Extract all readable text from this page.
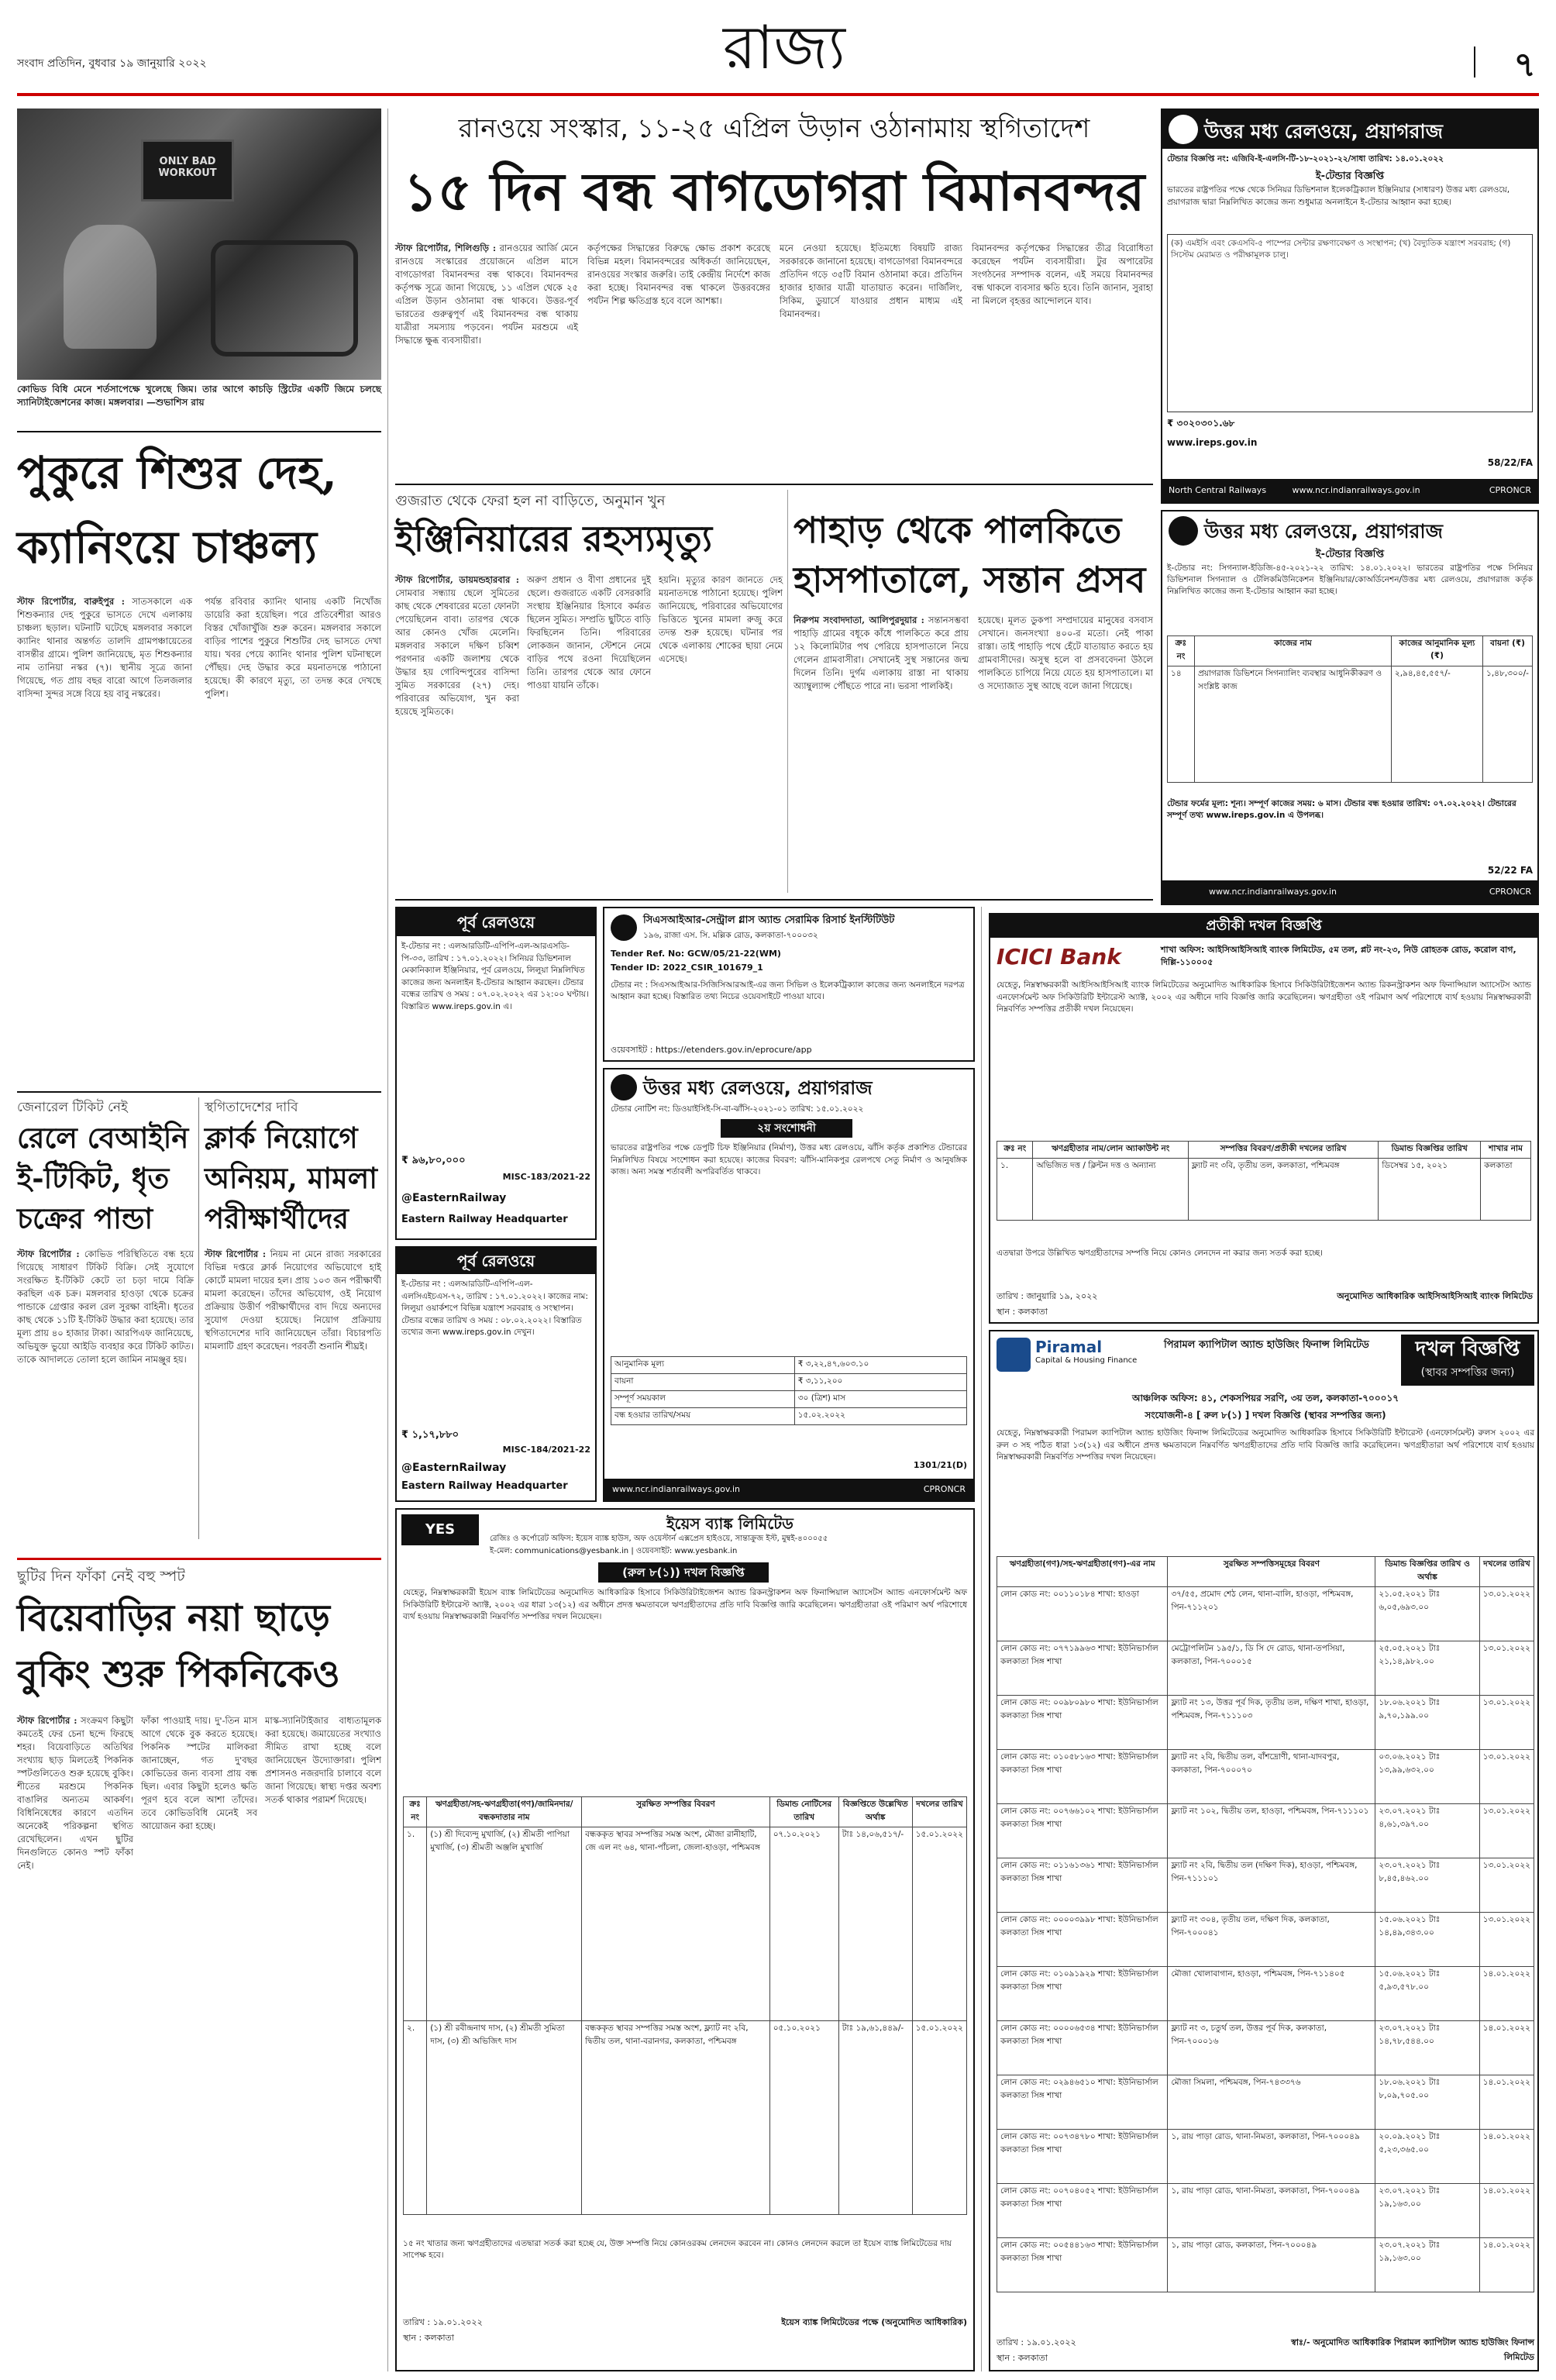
সংবাদ প্রতিদিন, বুধবার ১৯ জানুয়ারি ২০২২	রাজ্য	৭
ONLY BAD
WORKOUT
কোভিড বিধি মেনে শর্তসাপেক্ষে খুলেছে জিম। তার আগে কাচড়ি স্ট্রিটের একটি জিমে চলছে স্যানিটাইজেশনের কাজ। মঙ্গলবার। —শুভাশিস রায়
পুকুরে শিশুর দেহ, ক্যানিংয়ে চাঞ্চল্য
স্টাফ রিপোর্টার, বারুইপুর : সাতসকালে এক শিশুকন্যার দেহ পুকুরে ভাসতে দেখে এলাকায় চাঞ্চল্য ছড়াল। ঘটনাটি ঘটেছে মঙ্গলবার সকালে ক্যানিং থানার অন্তর্গত তালদি গ্রামপঞ্চায়েতের বাসন্তীর গ্রামে। পুলিশ জানিয়েছে, মৃত শিশুকন্যার নাম তানিয়া নস্কর (৭)। স্থানীয় সূত্রে জানা গিয়েছে, গত প্রায় বছর বারো আগে তিলজলার বাসিন্দা সুন্দর সঙ্গে বিয়ে হয় বাবু নস্করের।
পর্যন্ত রবিবার ক্যানিং থানায় একটি নিখোঁজ ডায়েরি করা হয়েছিল। পরে প্রতিবেশীরা আরও বিস্তর খোঁজাখুঁজি শুরু করেন। মঙ্গলবার সকালে বাড়ির পাশের পুকুরে শিশুটির দেহ ভাসতে দেখা যায়। খবর পেয়ে ক্যানিং থানার পুলিশ ঘটনাস্থলে পৌঁছয়। দেহ উদ্ধার করে ময়নাতদন্তে পাঠানো হয়েছে। কী কারণে মৃত্যু, তা তদন্ত করে দেখছে পুলিশ।
জেনারেল টিকিট নেই
রেলে বেআইনি ই-টিকিট, ধৃত চক্রের পান্ডা
স্টাফ রিপোর্টার : কোভিড পরিস্থিতিতে বন্ধ হয়ে গিয়েছে সাধারণ টিকিট বিক্রি। সেই সুযোগে সংরক্ষিত ই-টিকিট কেটে তা চড়া দামে বিক্রি করছিল এক চক্র। মঙ্গলবার হাওড়া থেকে চক্রের পান্ডাকে গ্রেপ্তার করল রেল সুরক্ষা বাহিনী। ধৃতের কাছ থেকে ১১টি ই-টিকিট উদ্ধার করা হয়েছে। তার মূল্য প্রায় ৪০ হাজার টাকা। আরপিএফ জানিয়েছে, অভিযুক্ত ভুয়ো আইডি ব্যবহার করে টিকিট কাটত। তাকে আদালতে তোলা হলে জামিন নামঞ্জুর হয়।
স্থগিতাদেশের দাবি
ক্লার্ক নিয়োগে অনিয়ম, মামলা পরীক্ষার্থীদের
স্টাফ রিপোর্টার : নিয়ম না মেনে রাজ্য সরকারের বিভিন্ন দপ্তরে ক্লার্ক নিয়োগের অভিযোগে হাই কোর্টে মামলা দায়ের হল। প্রায় ১০৩ জন পরীক্ষার্থী মামলা করেছেন। তাঁদের অভিযোগ, ওই নিয়োগ প্রক্রিয়ায় উত্তীর্ণ পরীক্ষার্থীদের বাদ দিয়ে অন্যদের সুযোগ দেওয়া হয়েছে। নিয়োগ প্রক্রিয়ায় স্থগিতাদেশের দাবি জানিয়েছেন তাঁরা। বিচারপতি মামলাটি গ্রহণ করেছেন। পরবর্তী শুনানি শীঘ্রই।
ছুটির দিন ফাঁকা নেই বহু স্পট
বিয়েবাড়ির নয়া ছাড়ে বুকিং শুরু পিকনিকেও
স্টাফ রিপোর্টার : সংক্রমণ কিছুটা কমতেই ফের চেনা ছন্দে ফিরছে শহর। বিয়েবাড়িতে অতিথির সংখ্যায় ছাড় মিলতেই পিকনিক স্পটগুলিতেও শুরু হয়েছে বুকিং। শীতের মরশুমে পিকনিক বাঙালির অন্যতম আকর্ষণ। বিধিনিষেধের কারণে এতদিন অনেকেই পরিকল্পনা স্থগিত রেখেছিলেন। এখন ছুটির দিনগুলিতে কোনও স্পট ফাঁকা নেই।
ফাঁকা পাওয়াই দায়। দু'-তিন মাস আগে থেকে বুক করতে হয়েছে। পিকনিক স্পটের মালিকরা জানাচ্ছেন, গত দু'বছর কোভিডের জন্য ব্যবসা প্রায় বন্ধ ছিল। এবার কিছুটা হলেও ক্ষতি পূরণ হবে বলে আশা তাঁদের। তবে কোভিডবিধি মেনেই সব আয়োজন করা হচ্ছে।
মাস্ক-স্যানিটাইজার বাধ্যতামূলক করা হয়েছে। জমায়েতের সংখ্যাও সীমিত রাখা হচ্ছে বলে জানিয়েছেন উদ্যোক্তারা। পুলিশ প্রশাসনও নজরদারি চালাবে বলে জানা গিয়েছে। স্বাস্থ্য দপ্তর অবশ্য সতর্ক থাকার পরামর্শ দিয়েছে।
রানওয়ে সংস্কার, ১১-২৫ এপ্রিল উড়ান ওঠানামায় স্থগিতাদেশ
১৫ দিন বন্ধ বাগডোগরা বিমানবন্দর
স্টাফ রিপোর্টার, শিলিগুড়ি : রানওয়ের আর্জি মেনে রানওয়ে সংস্কারের প্রয়োজনে এপ্রিল মাসে বাগডোগরা বিমানবন্দর বন্ধ থাকবে। বিমানবন্দর কর্তৃপক্ষ সূত্রে জানা গিয়েছে, ১১ এপ্রিল থেকে ২৫ এপ্রিল উড়ান ওঠানামা বন্ধ থাকবে। উত্তর-পূর্ব ভারতের গুরুত্বপূর্ণ এই বিমানবন্দর বন্ধ থাকায় যাত্রীরা সমস্যায় পড়বেন। পর্যটন মরশুমে এই সিদ্ধান্তে ক্ষুব্ধ ব্যবসায়ীরা।
কর্তৃপক্ষের সিদ্ধান্তের বিরুদ্ধে ক্ষোভ প্রকাশ করেছে বিভিন্ন মহল। বিমানবন্দরের অধিকর্তা জানিয়েছেন, রানওয়ের সংস্কার জরুরি। তাই কেন্দ্রীয় নির্দেশে কাজ করা হচ্ছে। বিমানবন্দর বন্ধ থাকলে উত্তরবঙ্গের পর্যটন শিল্প ক্ষতিগ্রস্ত হবে বলে আশঙ্কা।
মনে নেওয়া হয়েছে। ইতিমধ্যে বিষয়টি রাজ্য সরকারকে জানানো হয়েছে। বাগডোগরা বিমানবন্দরে প্রতিদিন গড়ে ৩৫টি বিমান ওঠানামা করে। প্রতিদিন হাজার হাজার যাত্রী যাতায়াত করেন। দার্জিলিং, সিকিম, ডুয়ার্সে যাওয়ার প্রধান মাধ্যম এই বিমানবন্দর।
বিমানবন্দর কর্তৃপক্ষের সিদ্ধান্তের তীব্র বিরোধিতা করেছেন পর্যটন ব্যবসায়ীরা। টুর অপারেটর সংগঠনের সম্পাদক বলেন, এই সময়ে বিমানবন্দর বন্ধ থাকলে ব্যবসার ক্ষতি হবে। তিনি জানান, সুরাহা না মিললে বৃহত্তর আন্দোলনে যাব।
গুজরাত থেকে ফেরা হল না বাড়িতে, অনুমান খুন
ইঞ্জিনিয়ারের রহস্যমৃত্যু
স্টাফ রিপোর্টার, ডায়মন্ডহারবার : সোমবার সন্ধ্যায় ছেলে সুমিতের কাছ থেকে শেষবারের মতো ফোনটা পেয়েছিলেন বাবা। তারপর থেকে আর কোনও খোঁজ মেলেনি। মঙ্গলবার সকালে দক্ষিণ চব্বিশ পরগনার একটি জলাশয় থেকে উদ্ধার হয় গোবিন্দপুরের বাসিন্দা সুমিত সরকারের (২৭) দেহ। পরিবারের অভিযোগ, খুন করা হয়েছে সুমিতকে।
অরুণ প্রধান ও বীণা প্রধানের দুই ছেলে। গুজরাতে একটি বেসরকারি সংস্থায় ইঞ্জিনিয়ার হিসাবে কর্মরত ছিলেন সুমিত। সম্প্রতি ছুটিতে বাড়ি ফিরছিলেন তিনি। পরিবারের লোকজন জানান, স্টেশনে নেমে বাড়ির পথে রওনা দিয়েছিলেন তিনি। তারপর থেকে আর ফোনে পাওয়া যায়নি তাঁকে।
হয়নি। মৃত্যুর কারণ জানতে দেহ ময়নাতদন্তে পাঠানো হয়েছে। পুলিশ জানিয়েছে, পরিবারের অভিযোগের ভিত্তিতে খুনের মামলা রুজু করে তদন্ত শুরু হয়েছে। ঘটনার পর থেকে এলাকায় শোকের ছায়া নেমে এসেছে।
পাহাড় থেকে পালকিতে হাসপাতালে, সন্তান প্রসব
নিরুপম সংবাদদাতা, আলিপুরদুয়ার : সন্তানসম্ভবা পাহাড়ি গ্রামের বধূকে কাঁধে পালকিতে করে প্রায় ১২ কিলোমিটার পথ পেরিয়ে হাসপাতালে নিয়ে গেলেন গ্রামবাসীরা। সেখানেই সুস্থ সন্তানের জন্ম দিলেন তিনি। দুর্গম এলাকায় রাস্তা না থাকায় অ্যাম্বুল্যান্স পৌঁছতে পারে না। ভরসা পালকিই।
হয়েছে। মূলত ডুকপা সম্প্রদায়ের মানুষের বসবাস সেখানে। জনসংখ্যা ৪০০-র মতো। নেই পাকা রাস্তা। তাই পাহাড়ি পথে হেঁটে যাতায়াত করতে হয় গ্রামবাসীদের। অসুস্থ হলে বা প্রসববেদনা উঠলে পালকিতে চাপিয়ে নিয়ে যেতে হয় হাসপাতালে। মা ও সদ্যোজাত সুস্থ আছে বলে জানা গিয়েছে।
পূর্ব রেলওয়ে
ই-টেন্ডার নং : এলআরডিটি-এপিপি-এল-আরএসডি-পি-৩৩, তারিখ : ১৭.০১.২০২২। সিনিয়র ডিভিশনাল মেকানিক্যাল ইঞ্জিনিয়ার, পূর্ব রেলওয়ে, লিলুয়া নিম্নলিখিত কাজের জন্য অনলাইন ই-টেন্ডার আহ্বান করছেন। টেন্ডার বন্ধের তারিখ ও সময় : ০৭.০২.২০২২ এর ১২:০০ ঘণ্টায়। বিস্তারিত www.ireps.gov.in এ।
₹ ৯৬,৮০,০০০
MISC-183/2021-22
@EasternRailway
Eastern Railway Headquarter
পূর্ব রেলওয়ে
ই-টেন্ডার নং : এলআরডিটি-এপিপি-এল-এলসিএইচএস-৭২, তারিখ : ১৭.০১.২০২২। কাজের নাম: লিলুয়া ওয়ার্কশপে বিভিন্ন যন্ত্রাংশ সরবরাহ ও সংস্থাপন। টেন্ডার বন্ধের তারিখ ও সময় : ০৮.০২.২০২২। বিস্তারিত তথ্যের জন্য www.ireps.gov.in দেখুন।
₹ ১,১৭,৮৮০
MISC-184/2021-22
@EasternRailway
Eastern Railway Headquarter
সিএসআইআর-সেন্ট্রাল গ্লাস অ্যান্ড সেরামিক রিসার্চ ইনস্টিটিউট
১৯৬, রাজা এস. সি. মল্লিক রোড, কলকাতা-৭০০০৩২
Tender Ref. No: GCW/05/21-22(WM)
Tender ID: 2022_CSIR_101679_1
টেন্ডার নং : সিএসআইআর-সিজিসিআরআই-এর জন্য সিভিল ও ইলেকট্রিক্যাল কাজের জন্য অনলাইনে দরপত্র আহ্বান করা হচ্ছে। বিস্তারিত তথ্য নিচের ওয়েবসাইটে পাওয়া যাবে।
ওয়েবসাইট : https://etenders.gov.in/eprocure/app
উত্তর মধ্য রেলওয়ে, প্রয়াগরাজ
টেন্ডার নোটিশ নং: ডিওয়াইসিই-সি-বা-ঝাঁসি-২০২১-০১ তারিখ: ১৫.০১.২০২২
২য় সংশোধনী
ভারতের রাষ্ট্রপতির পক্ষে ডেপুটি চিফ ইঞ্জিনিয়ার (নির্মাণ), উত্তর মধ্য রেলওয়ে, ঝাঁসি কর্তৃক প্রকাশিত টেন্ডারের নিম্নলিখিত বিষয়ে সংশোধন করা হয়েছে। কাজের বিবরণ: ঝাঁসি-মানিকপুর রেলপথে সেতু নির্মাণ ও আনুষঙ্গিক কাজ। অন্য সমস্ত শর্তাবলী অপরিবর্তিত থাকবে।
আনুমানিক মূল্য	₹ ৩,২২,৪৭,৬০৩.১০
বায়না	₹ ৩,১১,২০০
সম্পূর্ণ সময়কাল	৩০ (ত্রিশ) মাস
বন্ধ হওয়ার তারিখ/সময়	১৫.০২.২০২২
1301/21(D)
www.ncr.indianrailways.gov.in	CPRONCR
YES BANK
ইয়েস ব্যাঙ্ক লিমিটেড
রেজিঃ ও কর্পোরেট অফিস: ইয়েস ব্যাঙ্ক হাউস, অফ ওয়েস্টার্ন এক্সপ্রেস হাইওয়ে, সান্তাক্রুজ ইস্ট, মুম্বই-৪০০০৫৫
ই-মেল: communications@yesbank.in | ওয়েবসাইট: www.yesbank.in
(রুল ৮(১)) দখল বিজ্ঞপ্তি
যেহেতু, নিম্নস্বাক্ষরকারী ইয়েস ব্যাঙ্ক লিমিটেডের অনুমোদিত আধিকারিক হিসাবে সিকিউরিটাইজেশন অ্যান্ড রিকনস্ট্রাকশন অফ ফিনান্সিয়াল অ্যাসেটস অ্যান্ড এনফোর্সমেন্ট অফ সিকিউরিটি ইন্টারেস্ট অ্যাক্ট, ২০০২ এর ধারা ১৩(১২) এর অধীনে প্রদত্ত ক্ষমতাবলে ঋণগ্রহীতাদের প্রতি দাবি বিজ্ঞপ্তি জারি করেছিলেন। ঋণগ্রহীতারা ওই পরিমাণ অর্থ পরিশোধে ব্যর্থ হওয়ায় নিম্নস্বাক্ষরকারী নিম্নবর্ণিত সম্পত্তির দখল নিয়েছেন।
ক্রঃ নং	ঋণগ্রহীতা/সহ-ঋণগ্রহীতা(গণ)/জামিনদার/বন্ধকদাতার নাম	সুরক্ষিত সম্পত্তির বিবরণ	ডিমান্ড নোটিসের তারিখ	বিজ্ঞপ্তিতে উল্লেখিত অর্থাঙ্ক	দখলের তারিখ
১.	(১) শ্রী দিব্যেন্দু মুখার্জি, (২) শ্রীমতী পাপিয়া মুখার্জি, (৩) শ্রীমতী অঞ্জলি মুখার্জি	বন্ধককৃত স্থাবর সম্পত্তির সমস্ত অংশ, মৌজা রানীহাটি, জে এল নং ৬৪, থানা-পাঁচলা, জেলা-হাওড়া, পশ্চিমবঙ্গ	০৭.১০.২০২১	টাঃ ১৪,০৬,৫১৭/-	১৫.০১.২০২২
২.	(১) শ্রী রবীন্দ্রনাথ দাস, (২) শ্রীমতী সুমিতা দাস, (৩) শ্রী অভিজিৎ দাস	বন্ধককৃত স্থাবর সম্পত্তির সমস্ত অংশ, ফ্ল্যাট নং ২বি, দ্বিতীয় তল, থানা-বরানগর, কলকাতা, পশ্চিমবঙ্গ	০৫.১০.২০২১	টাঃ ১৯,৬১,৪৪৯/-	১৫.০১.২০২২
১৫ নং খাতার জন্য ঋণগ্রহীতাদের এতদ্বারা সতর্ক করা হচ্ছে যে, উক্ত সম্পত্তি নিয়ে কোনওরকম লেনদেন করবেন না। কোনও লেনদেন করলে তা ইয়েস ব্যাঙ্ক লিমিটেডের দায় সাপেক্ষ হবে।
তারিখ : ১৯.০১.২০২২
স্থান : কলকাতা
ইয়েস ব্যাঙ্ক লিমিটেডের পক্ষে (অনুমোদিত আধিকারিক)
উত্তর মধ্য রেলওয়ে, প্রয়াগরাজ
টেন্ডার বিজ্ঞপ্তি নং: এজিবি-ই-এলসি-টি-১৮-২০২১-২২/সাধা তারিখ: ১৪.০১.২০২২
ই-টেন্ডার বিজ্ঞপ্তি
ভারতের রাষ্ট্রপতির পক্ষে থেকে সিনিয়র ডিভিশনাল ইলেকট্রিক্যাল ইঞ্জিনিয়ার (সাধারণ) উত্তর মধ্য রেলওয়ে, প্রয়াগরাজ দ্বারা নিম্নলিখিত কাজের জন্য শুধুমাত্র অনলাইনে ই-টেন্ডার আহ্বান করা হচ্ছে।
(ক) এমইসি এবং কেএসবি-৫ পাম্পের সেন্টার রক্ষণাবেক্ষণ ও সংস্থাপন; (খ) বৈদ্যুতিক যন্ত্রাংশ সরবরাহ; (গ) সিস্টেম মেরামত ও পরীক্ষামূলক চালু।
₹ ৩০২০৩০১.৬৮
www.ireps.gov.in
58/22/FA
North Central Railways	www.ncr.indianrailways.gov.in	CPRONCR
উত্তর মধ্য রেলওয়ে, প্রয়াগরাজ
ই-টেন্ডার বিজ্ঞপ্তি
ই-টেন্ডার নং: সিগন্যাল-ইডিজি-৪৫-২০২১-২২ তারিখ: ১৪.০১.২০২২। ভারতের রাষ্ট্রপতির পক্ষে সিনিয়র ডিভিশনাল সিগন্যাল ও টেলিকমিউনিকেশন ইঞ্জিনিয়ার/কোঅর্ডিনেশন/উত্তর মধ্য রেলওয়ে, প্রয়াগরাজ কর্তৃক নিম্নলিখিত কাজের জন্য ই-টেন্ডার আহ্বান করা হচ্ছে।
ক্রঃ নং	কাজের নাম	কাজের আনুমানিক মূল্য (₹)	বায়না (₹)
১৪	প্রয়াগরাজ ডিভিশনে সিগন্যালিং ব্যবস্থার আধুনিকীকরণ ও সংশ্লিষ্ট কাজ	২,৯৪,৪৫,৫৫৭/-	১,৪৮,৩০০/-
টেন্ডার ফর্মের মূল্য: শূন্য। সম্পূর্ণ কাজের সময়: ৬ মাস। টেন্ডার বন্ধ হওয়ার তারিখ: ০৭.০২.২০২২। টেন্ডারের সম্পূর্ণ তথ্য www.ireps.gov.in এ উপলব্ধ।
52/22 FA
www.ncr.indianrailways.gov.in	CPRONCR
প্রতীকী দখল বিজ্ঞপ্তি
ICICI Bank	শাখা অফিস: আইসিআইসিআই ব্যাংক লিমিটেড, ৫ম তল, প্লট নং-২৩, নিউ রোহতক রোড, করোল বাগ, দিল্লি-১১০০০৫
যেহেতু, নিম্নস্বাক্ষরকারী আইসিআইসিআই ব্যাংক লিমিটেডের অনুমোদিত আধিকারিক হিসাবে সিকিউরিটাইজেশন অ্যান্ড রিকনস্ট্রাকশন অফ ফিনান্সিয়াল অ্যাসেটস অ্যান্ড এনফোর্সমেন্ট অফ সিকিউরিটি ইন্টারেস্ট অ্যাক্ট, ২০০২ এর অধীনে দাবি বিজ্ঞপ্তি জারি করেছিলেন। ঋণগ্রহীতা ওই পরিমাণ অর্থ পরিশোধে ব্যর্থ হওয়ায় নিম্নস্বাক্ষরকারী নিম্নবর্ণিত সম্পত্তির প্রতীকী দখল নিয়েছেন।
ক্রঃ নং	ঋণগ্রহীতার নাম/লোন অ্যাকাউন্ট নং	সম্পত্তির বিবরণ/প্রতীকী দখলের তারিখ	ডিমান্ড বিজ্ঞপ্তির তারিখ	শাখার নাম
১.	অভিজিত দত্ত / ক্লিন্টন দত্ত ও অন্যান্য	ফ্ল্যাট নং ৩বি, তৃতীয় তল, কলকাতা, পশ্চিমবঙ্গ	ডিসেম্বর ১৫, ২০২১	কলকাতা
এতদ্বারা উপরে উল্লিখিত ঋণগ্রহীতাদের সম্পত্তি নিয়ে কোনও লেনদেন না করার জন্য সতর্ক করা হচ্ছে।
তারিখ : জানুয়ারি ১৯, ২০২২
স্থান : কলকাতা
অনুমোদিত আধিকারিক আইসিআইসিআই ব্যাংক লিমিটেড
Piramal
Capital & Housing Finance
পিরামল ক্যাপিটাল অ্যান্ড হাউজিং ফিনান্স লিমিটেড	দখল বিজ্ঞপ্তি
(স্থাবর সম্পত্তির জন্য)
আঞ্চলিক অফিস: ৪১, শেকসপিয়র সরণি, ৩য় তল, কলকাতা-৭০০০১৭
সংযোজনী-৪ [ রুল ৮(১) ] দখল বিজ্ঞপ্তি (স্থাবর সম্পত্তির জন্য)
যেহেতু, নিম্নস্বাক্ষরকারী পিরামল ক্যাপিটাল অ্যান্ড হাউজিং ফিনান্স লিমিটেডের অনুমোদিত আধিকারিক হিসাবে সিকিউরিটি ইন্টারেস্ট (এনফোর্সমেন্ট) রুলস ২০০২ এর রুল ৩ সহ পঠিত ধারা ১৩(১২) এর অধীনে প্রদত্ত ক্ষমতাবলে নিম্নবর্ণিত ঋণগ্রহীতাদের প্রতি দাবি বিজ্ঞপ্তি জারি করেছিলেন। ঋণগ্রহীতারা অর্থ পরিশোধে ব্যর্থ হওয়ায় নিম্নস্বাক্ষরকারী নিম্নবর্ণিত সম্পত্তির দখল নিয়েছেন।
ঋণগ্রহীতা(গণ)/সহ-ঋণগ্রহীতা(গণ)-এর নাম	সুরক্ষিত সম্পত্তিসমূহের বিবরণ	ডিমান্ড বিজ্ঞপ্তির তারিখ ও অর্থাঙ্ক	দখলের তারিখ
লোন কোড নং: ০০১১০১৮৪ শাখা: হাওড়া	৩৭/৫৫, প্রমোদ শেঠ লেন, থানা-বালি, হাওড়া, পশ্চিমবঙ্গ, পিন-৭১১২০১	২১.০৫.২০২১ টাঃ ৬,০৫,৬৯৩.০০	১৩.০১.২০২২
লোন কোড নং: ০৭৭১৯৯৬৩ শাখা: ইউনিভার্সাল কলকাতা সিঙ্গ শাখা	মেট্রোপলিটন ১৯৫/১, ডি সি দে রোড, থানা-তপসিয়া, কলকাতা, পিন-৭০০০১৫	২৫.০৫.২০২১ টাঃ ২১,১৪,৯৮২.০০	১৩.০১.২০২২
লোন কোড নং: ০০৯৮০৯৮০ শাখা: ইউনিভার্সাল কলকাতা সিঙ্গ শাখা	ফ্ল্যাট নং ১৩, উত্তর পূর্ব দিক, তৃতীয় তল, দক্ষিণ শাখা, হাওড়া, পশ্চিমবঙ্গ, পিন-৭১১১০৩	১৮.০৬.২০২১ টাঃ ৯,৭০,১৯৯.০০	১৩.০১.২০২২
লোন কোড নং: ০১০৫৮১৬৩ শাখা: ইউনিভার্সাল কলকাতা সিঙ্গ শাখা	ফ্ল্যাট নং ২বি, দ্বিতীয় তল, বাঁশদ্রোণী, থানা-যাদবপুর, কলকাতা, পিন-৭০০০৭০	০৩.০৬.২০২১ টাঃ ১৩,৯৯,৬৩২.০০	১৩.০১.২০২২
লোন কোড নং: ০০৭৬৬১০২ শাখা: ইউনিভার্সাল কলকাতা সিঙ্গ শাখা	ফ্ল্যাট নং ১০২, দ্বিতীয় তল, হাওড়া, পশ্চিমবঙ্গ, পিন-৭১১১০১	২৩.০৭.২০২১ টাঃ ৪,৬১,৩৯৭.০০	১৩.০১.২০২২
লোন কোড নং: ০১১৬১৩৬১ শাখা: ইউনিভার্সাল কলকাতা সিঙ্গ শাখা	ফ্ল্যাট নং ২বি, দ্বিতীয় তল (দক্ষিণ দিক), হাওড়া, পশ্চিমবঙ্গ, পিন-৭১১১০১	২৩.০৭.২০২১ টাঃ ৮,৪৫,৪৬২.০০	১৩.০১.২০২২
লোন কোড নং: ০০০০৩৯৯৮ শাখা: ইউনিভার্সাল কলকাতা সিঙ্গ শাখা	ফ্ল্যাট নং ৩০৪, তৃতীয় তল, দক্ষিণ দিক, কলকাতা, পিন-৭০০০৪১	১৫.০৬.২০২১ টাঃ ১৪,৪৯,৩৪৩.০০	১৩.০১.২০২২
লোন কোড নং: ০১০৯১৯২৯ শাখা: ইউনিভার্সাল কলকাতা সিঙ্গ শাখা	মৌজা খোলাবাগান, হাওড়া, পশ্চিমবঙ্গ, পিন-৭১১৪০৫	১৫.০৬.২০২১ টাঃ ৫,৯৩,৫৭৮.০০	১৪.০১.২০২২
লোন কোড নং: ০০০০৬৫৩৪ শাখা: ইউনিভার্সাল কলকাতা সিঙ্গ শাখা	ফ্ল্যাট নং ৩, চতুর্থ তল, উত্তর পূর্ব দিক, কলকাতা, পিন-৭০০০১৬	২৩.০৭.২০২১ টাঃ ১৪,৭৮,৫৪৪.০০	১৪.০১.২০২২
লোন কোড নং: ০২৯৪৬৫১০ শাখা: ইউনিভার্সাল কলকাতা সিঙ্গ শাখা	মৌজা সিমলা, পশ্চিমবঙ্গ, পিন-৭৪৩৩৭৬	১৮.০৬.২০২১ টাঃ ৮,০৯,৭০৫.০০	১৪.০১.২০২২
লোন কোড নং: ০০৭৩৪৭৮০ শাখা: ইউনিভার্সাল কলকাতা সিঙ্গ শাখা	১, রায় পাড়া রোড, থানা-নিমতা, কলকাতা, পিন-৭০০০৪৯	২০.০৯.২০২১ টাঃ ৫,২৩,৩৬৫.০০	১৪.০১.২০২২
লোন কোড নং: ০০৭০৪০৫২ শাখা: ইউনিভার্সাল কলকাতা সিঙ্গ শাখা	১, রায় পাড়া রোড, থানা-নিমতা, কলকাতা, পিন-৭০০০৪৯	২৩.০৭.২০২১ টাঃ ১৯,১৬৩.০০	১৪.০১.২০২২
লোন কোড নং: ০০৫৪৪১৬৩ শাখা: ইউনিভার্সাল কলকাতা সিঙ্গ শাখা	১, রায় পাড়া রোড, কলকাতা, পিন-৭০০০৪৯	২৩.০৭.২০২১ টাঃ ১৯,১৬৩.০০	১৪.০১.২০২২
তারিখ : ১৯.০১.২০২২
স্থান : কলকাতা
স্বাঃ/- অনুমোদিত আধিকারিক পিরামল ক্যাপিটাল অ্যান্ড হাউজিং ফিনান্স লিমিটেড
